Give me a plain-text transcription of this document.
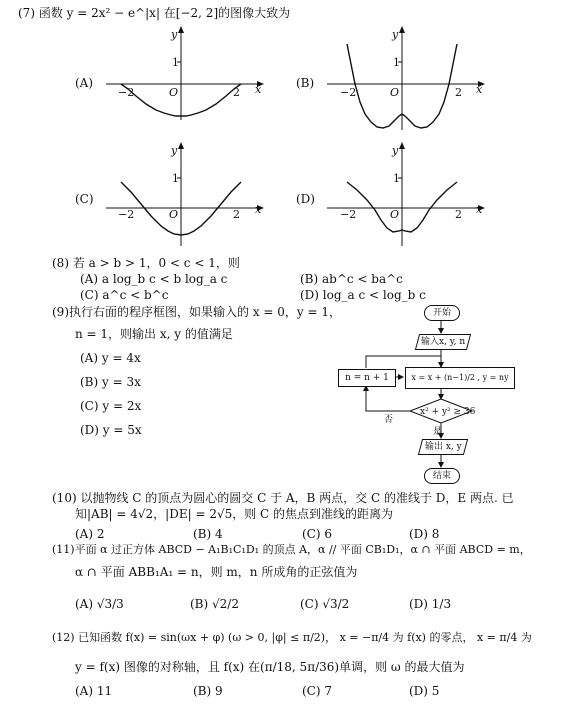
(7) 函数 y = 2x² − e^|x| 在[−2, 2]的图像大致为
(A)
y
1
−2	O	2 x	(B)
y
1
−2	O	2 x
(C)
y
1
−2	O	2 x
(D)
y
1
−2	O	2 x
(8) 若 a > b > 1，0 < c < 1，则
(A) a log_b c < b log_a c	(B) ab^c < ba^c
(C) a^c < b^c	(D) log_a c < log_b c
(9)执行右面的程序框图，如果输入的 x = 0，y = 1，
n = 1，则输出 x, y 的值满足
(A) y = 4x
(B) y = 3x
(C) y = 2x
(D) y = 5x
开始
输入x, y, n
n = n + 1	x = x + (n−1)/2 , y = ny
x² + y² ≥ 36
否
是
输出 x, y
结束
(10) 以抛物线 C 的顶点为圆心的圆交 C 于 A，B 两点，交 C 的准线于 D，E 两点. 已
知|AB| = 4√2，|DE| = 2√5，则 C 的焦点到准线的距离为
(A) 2	(B) 4	(C) 6	(D) 8
(11)平面 α 过正方体 ABCD − A₁B₁C₁D₁ 的顶点 A，α // 平面 CB₁D₁，α ∩ 平面 ABCD = m，
α ∩ 平面 ABB₁A₁ = n，则 m，n 所成角的正弦值为
(A) √3/3	(B) √2/2	(C) √3/2	(D) 1/3
(12) 已知函数 f(x) = sin(ωx + φ) (ω > 0, |φ| ≤ π/2)， x = −π/4 为 f(x) 的零点， x = π/4 为
y = f(x) 图像的对称轴，且 f(x) 在(π/18, 5π/36)单调，则 ω 的最大值为
(A) 11	(B) 9	(C) 7	(D) 5
